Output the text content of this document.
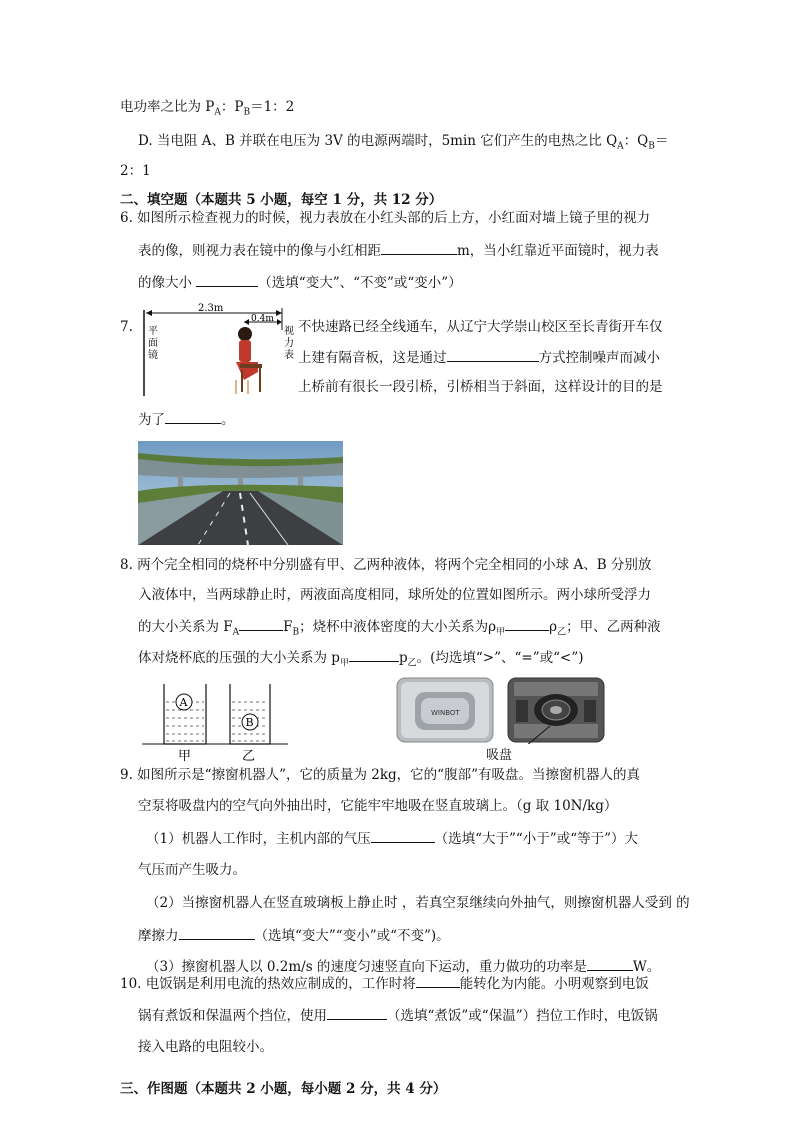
电功率之比为 $P_A$：$P_B=1$：2
D. 当电阻 A、B 并联在电压为 3V 的电源两端时，5min 它们产生的电热之比 $Q_A$：$Q_B=$
2：1
二、填空题（本题共 5 小题，每空 1 分，共 12 分）
6. 如图所示检查视力的时候，视力表放在小红头部的后上方，小红面对墙上镜子里的视力
表的像，则视力表在镜中的像与小红相距	m，当小红靠近平面镜时，视力表
的像大小	（选填“变大”、“不变”或“变小”）
7.
2.3m
0.4m
平
面
镜
视
力
表
不快速路已经全线通车，从辽宁大学崇山校区至长青街开车仅
上建有隔音板，这是通过	方式控制噪声而减小
上桥前有很长一段引桥，引桥相当于斜面，这样设计的目的是
为了	。
8. 两个完全相同的烧杯中分别盛有甲、乙两种液体，将两个完全相同的小球 A、B 分别放
入液体中，当两球静止时，两液面高度相同，球所处的位置如图所示。两小球所受浮力
的大小关系为 $F_A$	$F_B$；烧杯中液体密度的大小关系为$\rho_甲$	$\rho_乙$；甲、乙两种液
体对烧杯底的压强的大小关系为 $p_甲$	$p_乙$。(均选填“>”、“=”或“<”)
A
B
甲	乙
WINBOT
吸盘
9. 如图所示是“擦窗机器人”，它的质量为 2kg，它的“腹部”有吸盘。当擦窗机器人的真
空泵将吸盘内的空气向外抽出时，它能牢牢地吸在竖直玻璃上。（g 取 10N/kg）
（1）机器人工作时，主机内部的气压	（选填“大于”“小于”或“等于”）大
气压而产生吸力。
（2）当擦窗机器人在竖直玻璃板上静止时 ，若真空泵继续向外抽气，则擦窗机器人受到 的
摩擦力	（选填“变大”“变小”或“不变”)。
（3）擦窗机器人以 0.2m/s 的速度匀速竖直向下运动，重力做功的功率是	W。
10. 电饭锅是利用电流的热效应制成的，工作时将	能转化为内能。小明观察到电饭
锅有煮饭和保温两个挡位，使用	（选填“煮饭”或“保温”）挡位工作时，电饭锅
接入电路的电阻较小。
三、作图题（本题共 2 小题，每小题 2 分，共 4 分）
